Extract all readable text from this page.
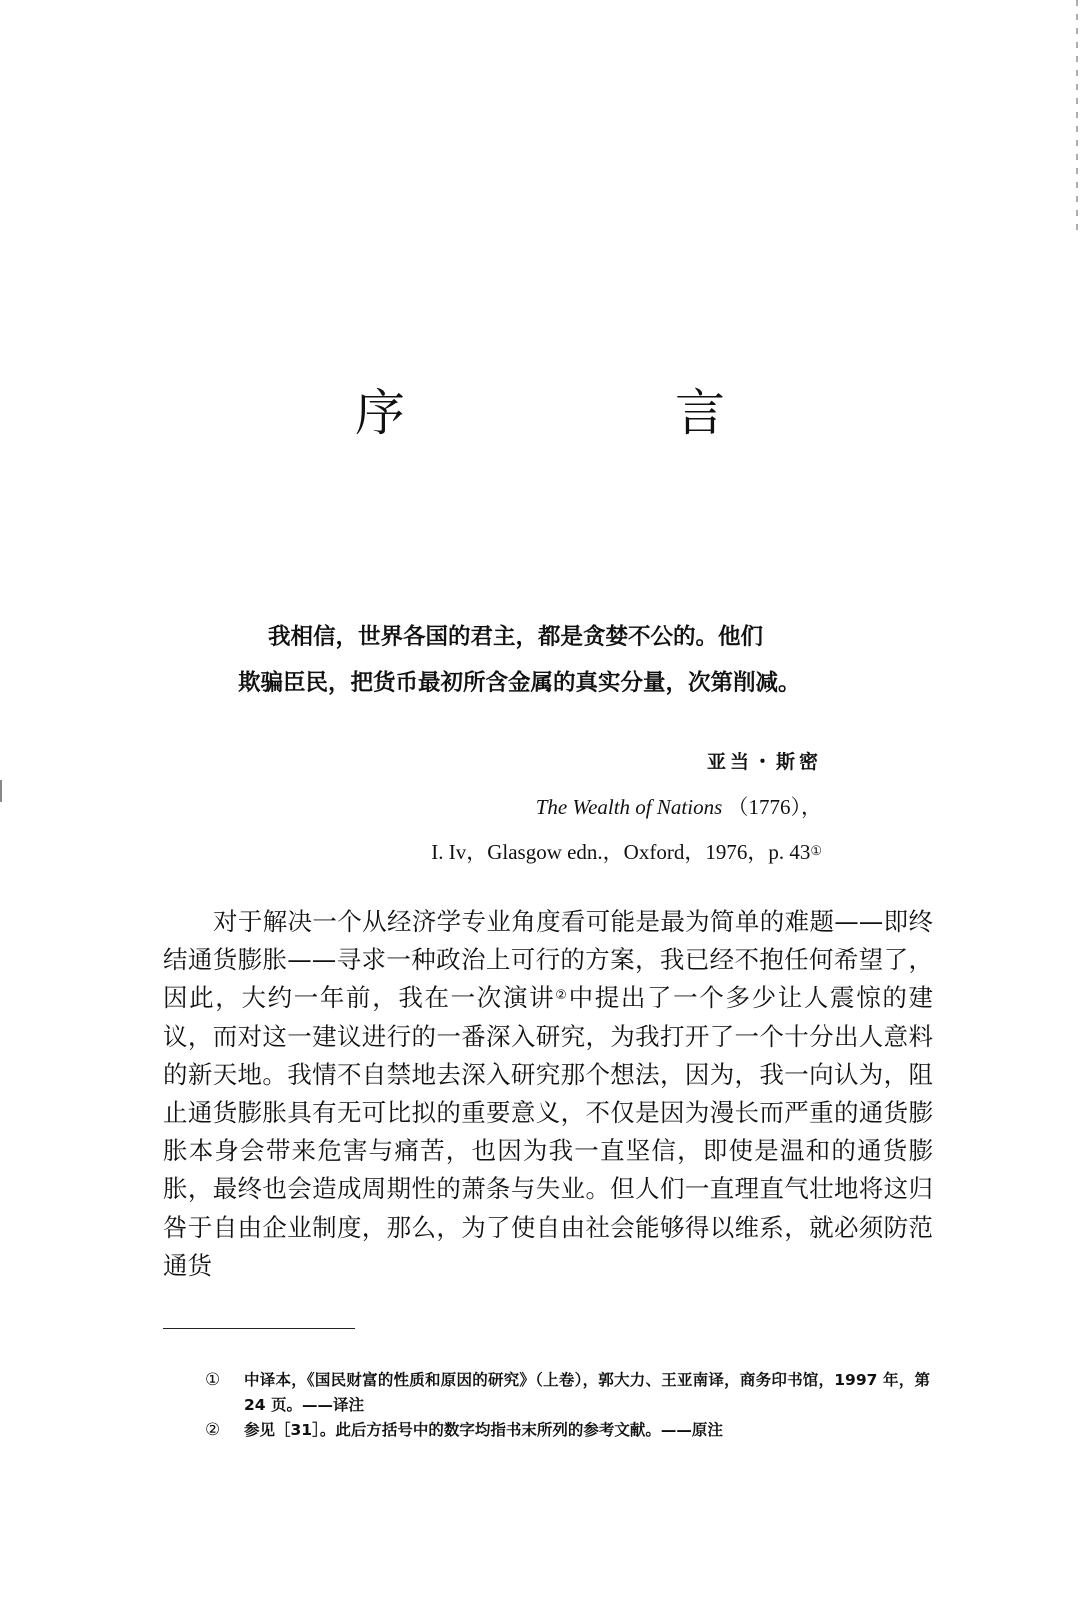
序　言

我相信，世界各国的君主，都是贪婪不公的。他们

欺骗臣民，把货币最初所含金属的真实分量，次第削减。

亚当・斯密
The Wealth of Nations （1776），
I. Iv，Glasgow edn.，Oxford，1976，p. 43①

对于解决一个从经济学专业角度看可能是最为简单的难题——即终结通货膨胀——寻求一种政治上可行的方案，我已经不抱任何希望了，因此，大约一年前，我在一次演讲②中提出了一个多少让人震惊的建议，而对这一建议进行的一番深入研究，为我打开了一个十分出人意料的新天地。我情不自禁地去深入研究那个想法，因为，我一向认为，阻止通货膨胀具有无可比拟的重要意义，不仅是因为漫长而严重的通货膨胀本身会带来危害与痛苦，也因为我一直坚信，即使是温和的通货膨胀，最终也会造成周期性的萧条与失业。但人们一直理直气壮地将这归咎于自由企业制度，那么，为了使自由社会能够得以维系，就必须防范通货

① 中译本，《国民财富的性质和原因的研究》（上卷），郭大力、王亚南译，商务印书馆，1997 年，第 24 页。——译注

② 参见［31］。此后方括号中的数字均指书末所列的参考文献。——原注
